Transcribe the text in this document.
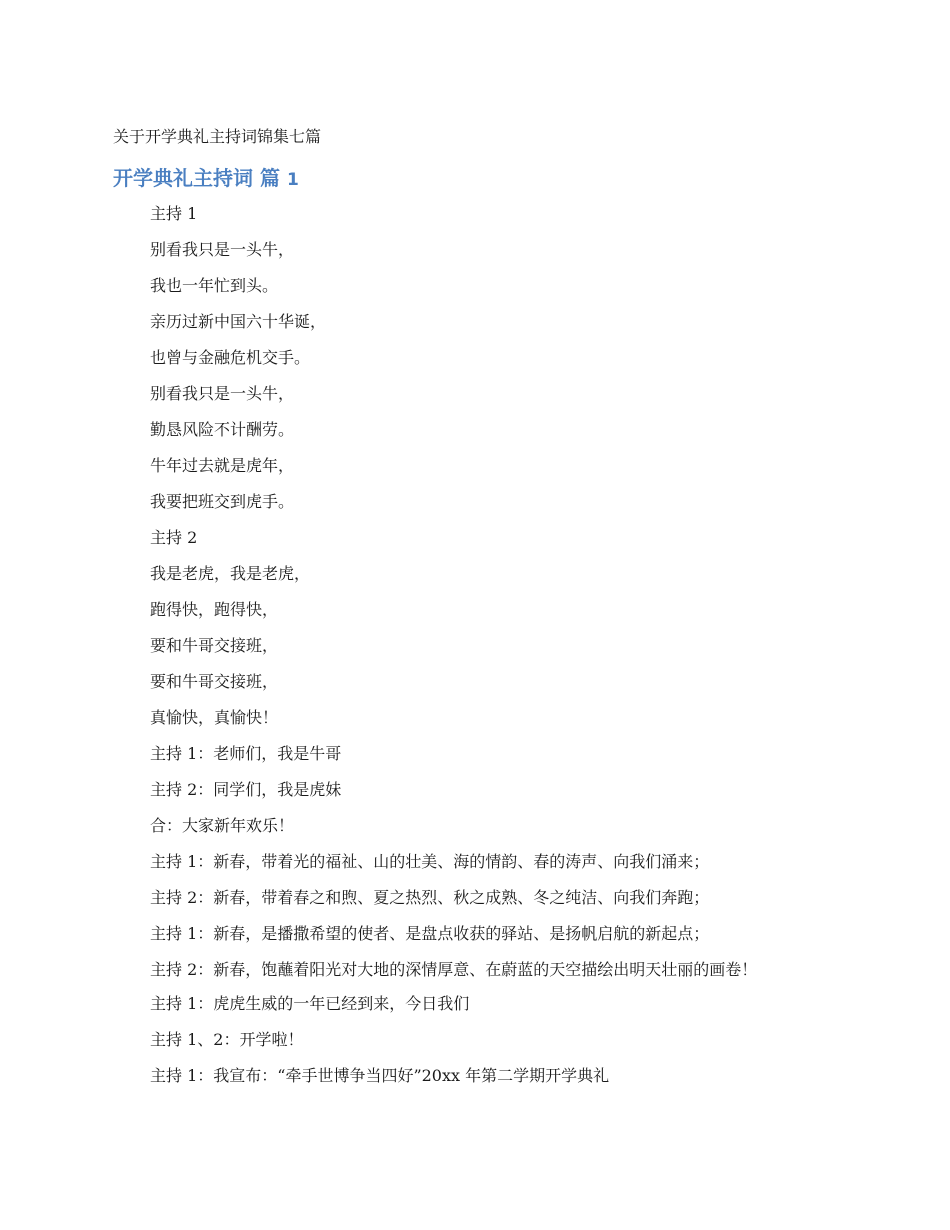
关于开学典礼主持词锦集七篇
开学典礼主持词 篇 1

主持 1

别看我只是一头牛，

我也一年忙到头。

亲历过新中国六十华诞，

也曾与金融危机交手。

别看我只是一头牛，

勤恳风险不计酬劳。

牛年过去就是虎年，

我要把班交到虎手。

主持 2

我是老虎，我是老虎，

跑得快，跑得快，

要和牛哥交接班，

要和牛哥交接班，

真愉快，真愉快！

主持 1：老师们，我是牛哥

主持 2：同学们，我是虎妹

合：大家新年欢乐！

主持 1：新春，带着光的福祉、山的壮美、海的情韵、春的涛声、向我们涌来；

主持 2：新春，带着春之和煦、夏之热烈、秋之成熟、冬之纯洁、向我们奔跑；

主持 1：新春，是播撒希望的使者、是盘点收获的驿站、是扬帆启航的新起点；

主持 2：新春，饱蘸着阳光对大地的深情厚意、在蔚蓝的天空描绘出明天壮丽的画卷！

主持 1：虎虎生威的一年已经到来，今日我们

主持 1、2：开学啦！

主持 1：我宣布：“牵手世博争当四好”20xx 年第二学期开学典礼
